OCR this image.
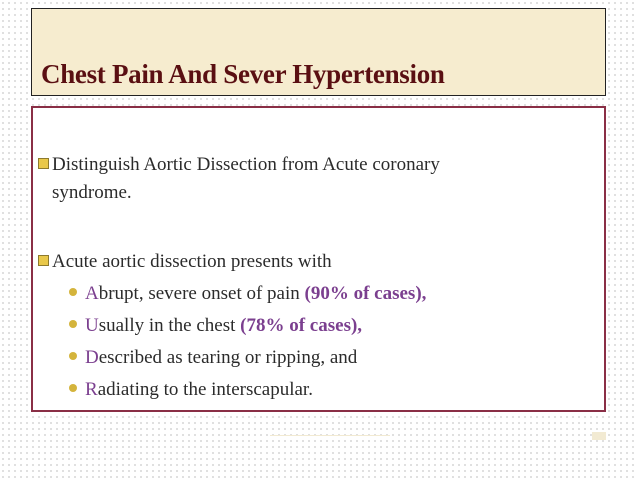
Chest Pain And Sever Hypertension
Distinguish Aortic Dissection from Acute coronary
syndrome.
Acute aortic dissection presents with
Abrupt, severe onset of pain (90% of cases),
Usually in the chest (78% of cases),
Described as tearing or ripping, and
Radiating to the interscapular.
